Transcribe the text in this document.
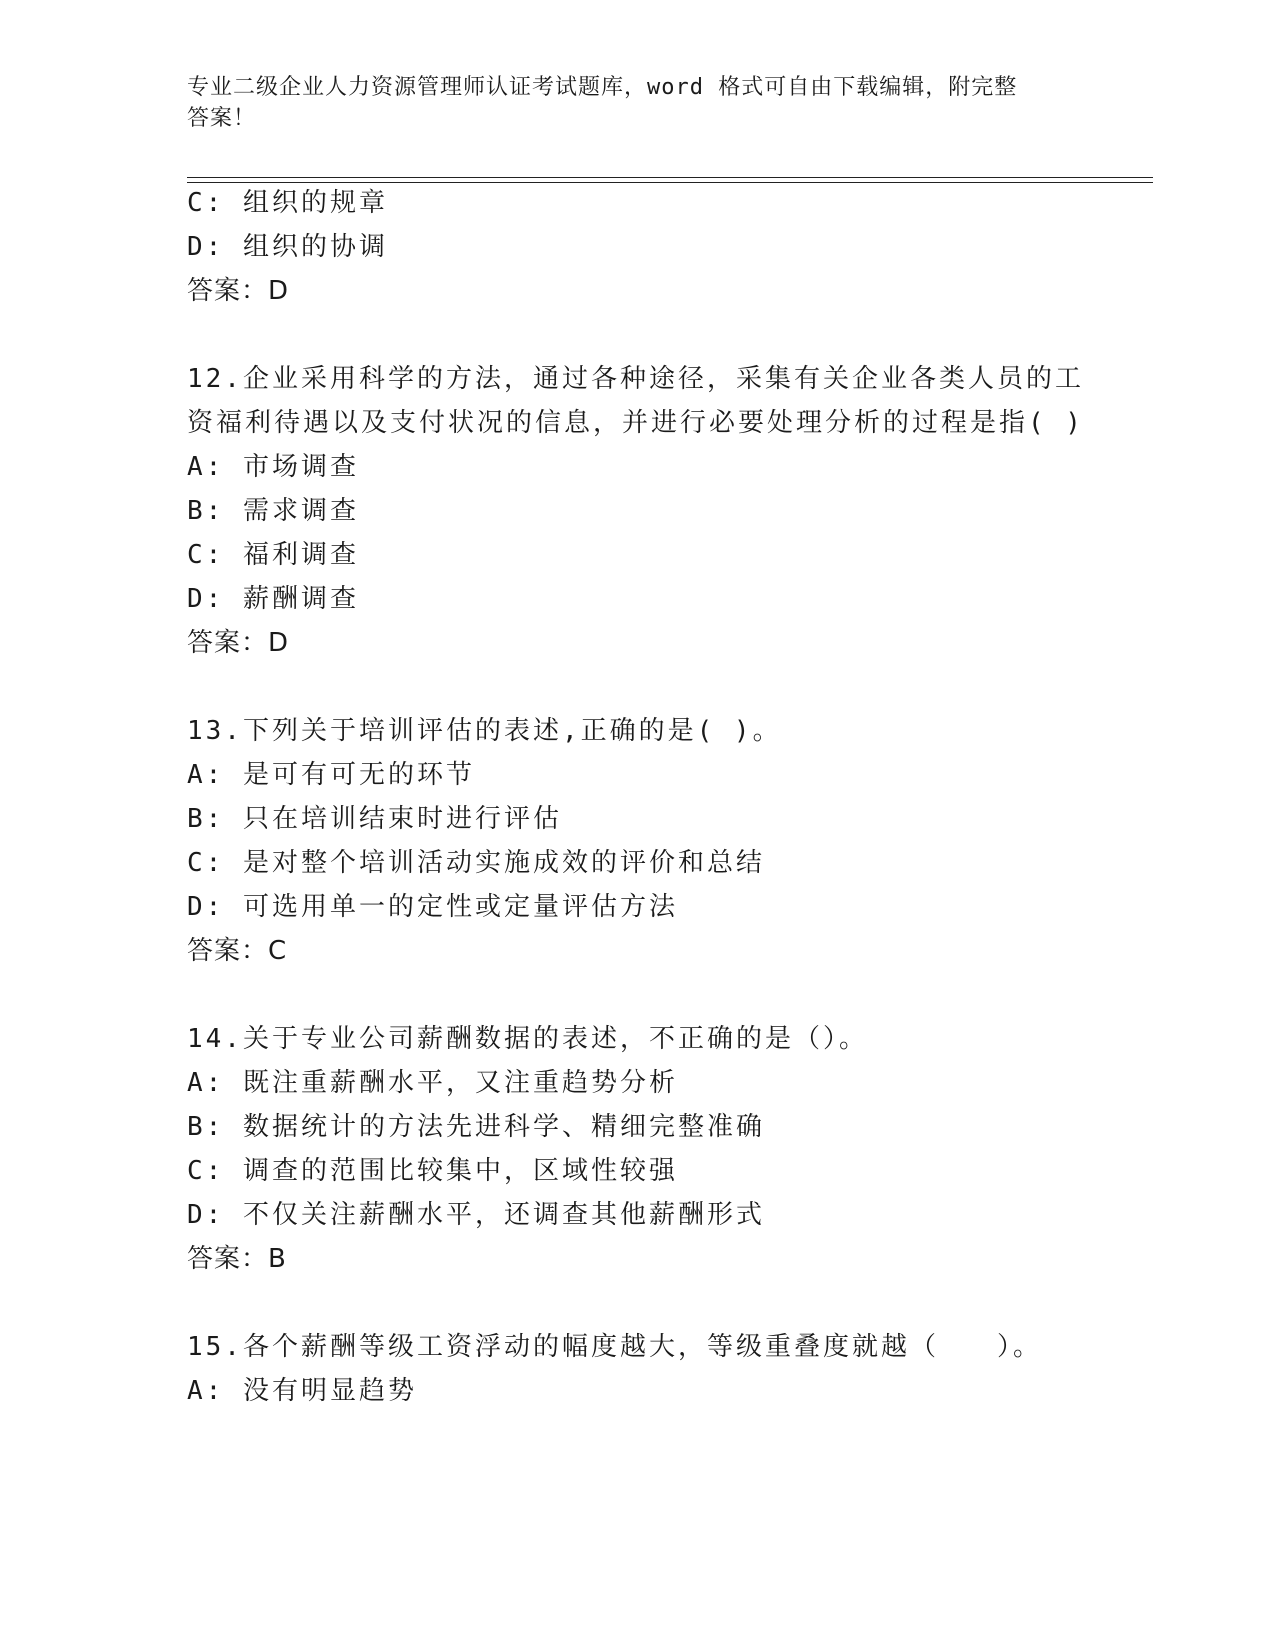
专业二级企业人力资源管理师认证考试题库，word 格式可自由下载编辑，附完整
答案！
C: 组织的规章
D: 组织的协调
答案：D
12.企业采用科学的方法，通过各种途径，采集有关企业各类人员的工
资福利待遇以及支付状况的信息，并进行必要处理分析的过程是指( )
A: 市场调查
B: 需求调查
C: 福利调查
D: 薪酬调查
答案：D
13.下列关于培训评估的表述,正确的是( )。
A: 是可有可无的环节
B: 只在培训结束时进行评估
C: 是对整个培训活动实施成效的评价和总结
D: 可选用单一的定性或定量评估方法
答案：C
14.关于专业公司薪酬数据的表述，不正确的是（）。
A: 既注重薪酬水平，又注重趋势分析
B: 数据统计的方法先进科学、精细完整准确
C: 调查的范围比较集中，区域性较强
D: 不仅关注薪酬水平，还调查其他薪酬形式
答案：B
15.各个薪酬等级工资浮动的幅度越大，等级重叠度就越（　　）。
A: 没有明显趋势
